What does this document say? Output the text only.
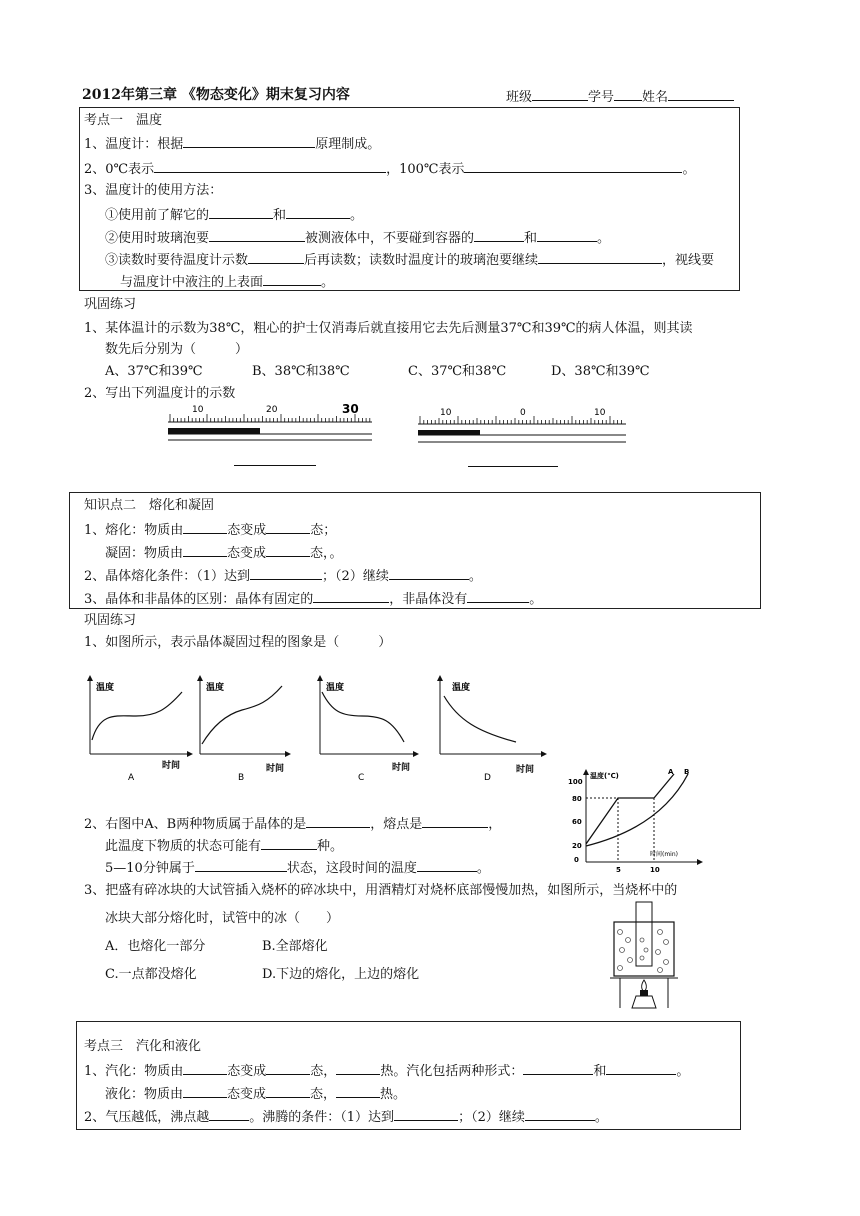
2012年第三章 《物态变化》期末复习内容	班级	学号 姓名
考点一　温度
1、温度计：根据	原理制成。
2、0℃表示	，100℃表示	。
3、温度计的使用方法：
①使用前了解它的	和	。
②使用时玻璃泡要	被测液体中，不要碰到容器的	和	。
③读数时要待温度计示数	后再读数；读数时温度计的玻璃泡要继续	，视线要
与温度计中液注的上表面	。
巩固练习
1、某体温计的示数为38℃，粗心的护士仅消毒后就直接用它去先后测量37℃和39℃的病人体温，则其读
数先后分别为（　　　）
A、37℃和39℃	B、38℃和38℃	C、37℃和38℃	D、38℃和39℃
2、写出下列温度计的示数
10	20	30	10	0	10
知识点二　熔化和凝固
1、熔化：物质由	态变成	态；
凝固：物质由	态变成	态，。
2、晶体熔化条件：（1）达到	；（2）继续	。
3、晶体和非晶体的区别：晶体有固定的	，非晶体没有	。
巩固练习
1、如图所示，表示晶体凝固过程的图象是（　　　）
温度
时间
A
温度
时间
B
温度
时间
C
温度
时间
D	温度(℃)	A B
100
80
60
20
0
时间(min)
5	10
2、右图中A、B两种物质属于晶体的是	，熔点是	，
此温度下物质的状态可能有	种。
5—10分钟属于	状态，这段时间的温度	。
3、把盛有碎冰块的大试管插入烧杯的碎冰块中，用酒精灯对烧杯底部慢慢加热，如图所示，当烧杯中的
冰块大部分熔化时，试管中的冰（　　）
A．也熔化一部分	B.全部熔化
C.一点都没熔化	D.下边的熔化，上边的熔化
考点三　汽化和液化
1、汽化：物质由	态变成	态，	热。汽化包括两种形式：	和	。
液化：物质由	态变成	态，	热。
2、气压越低，沸点越	。沸腾的条件：（1）达到	；（2）继续	。
